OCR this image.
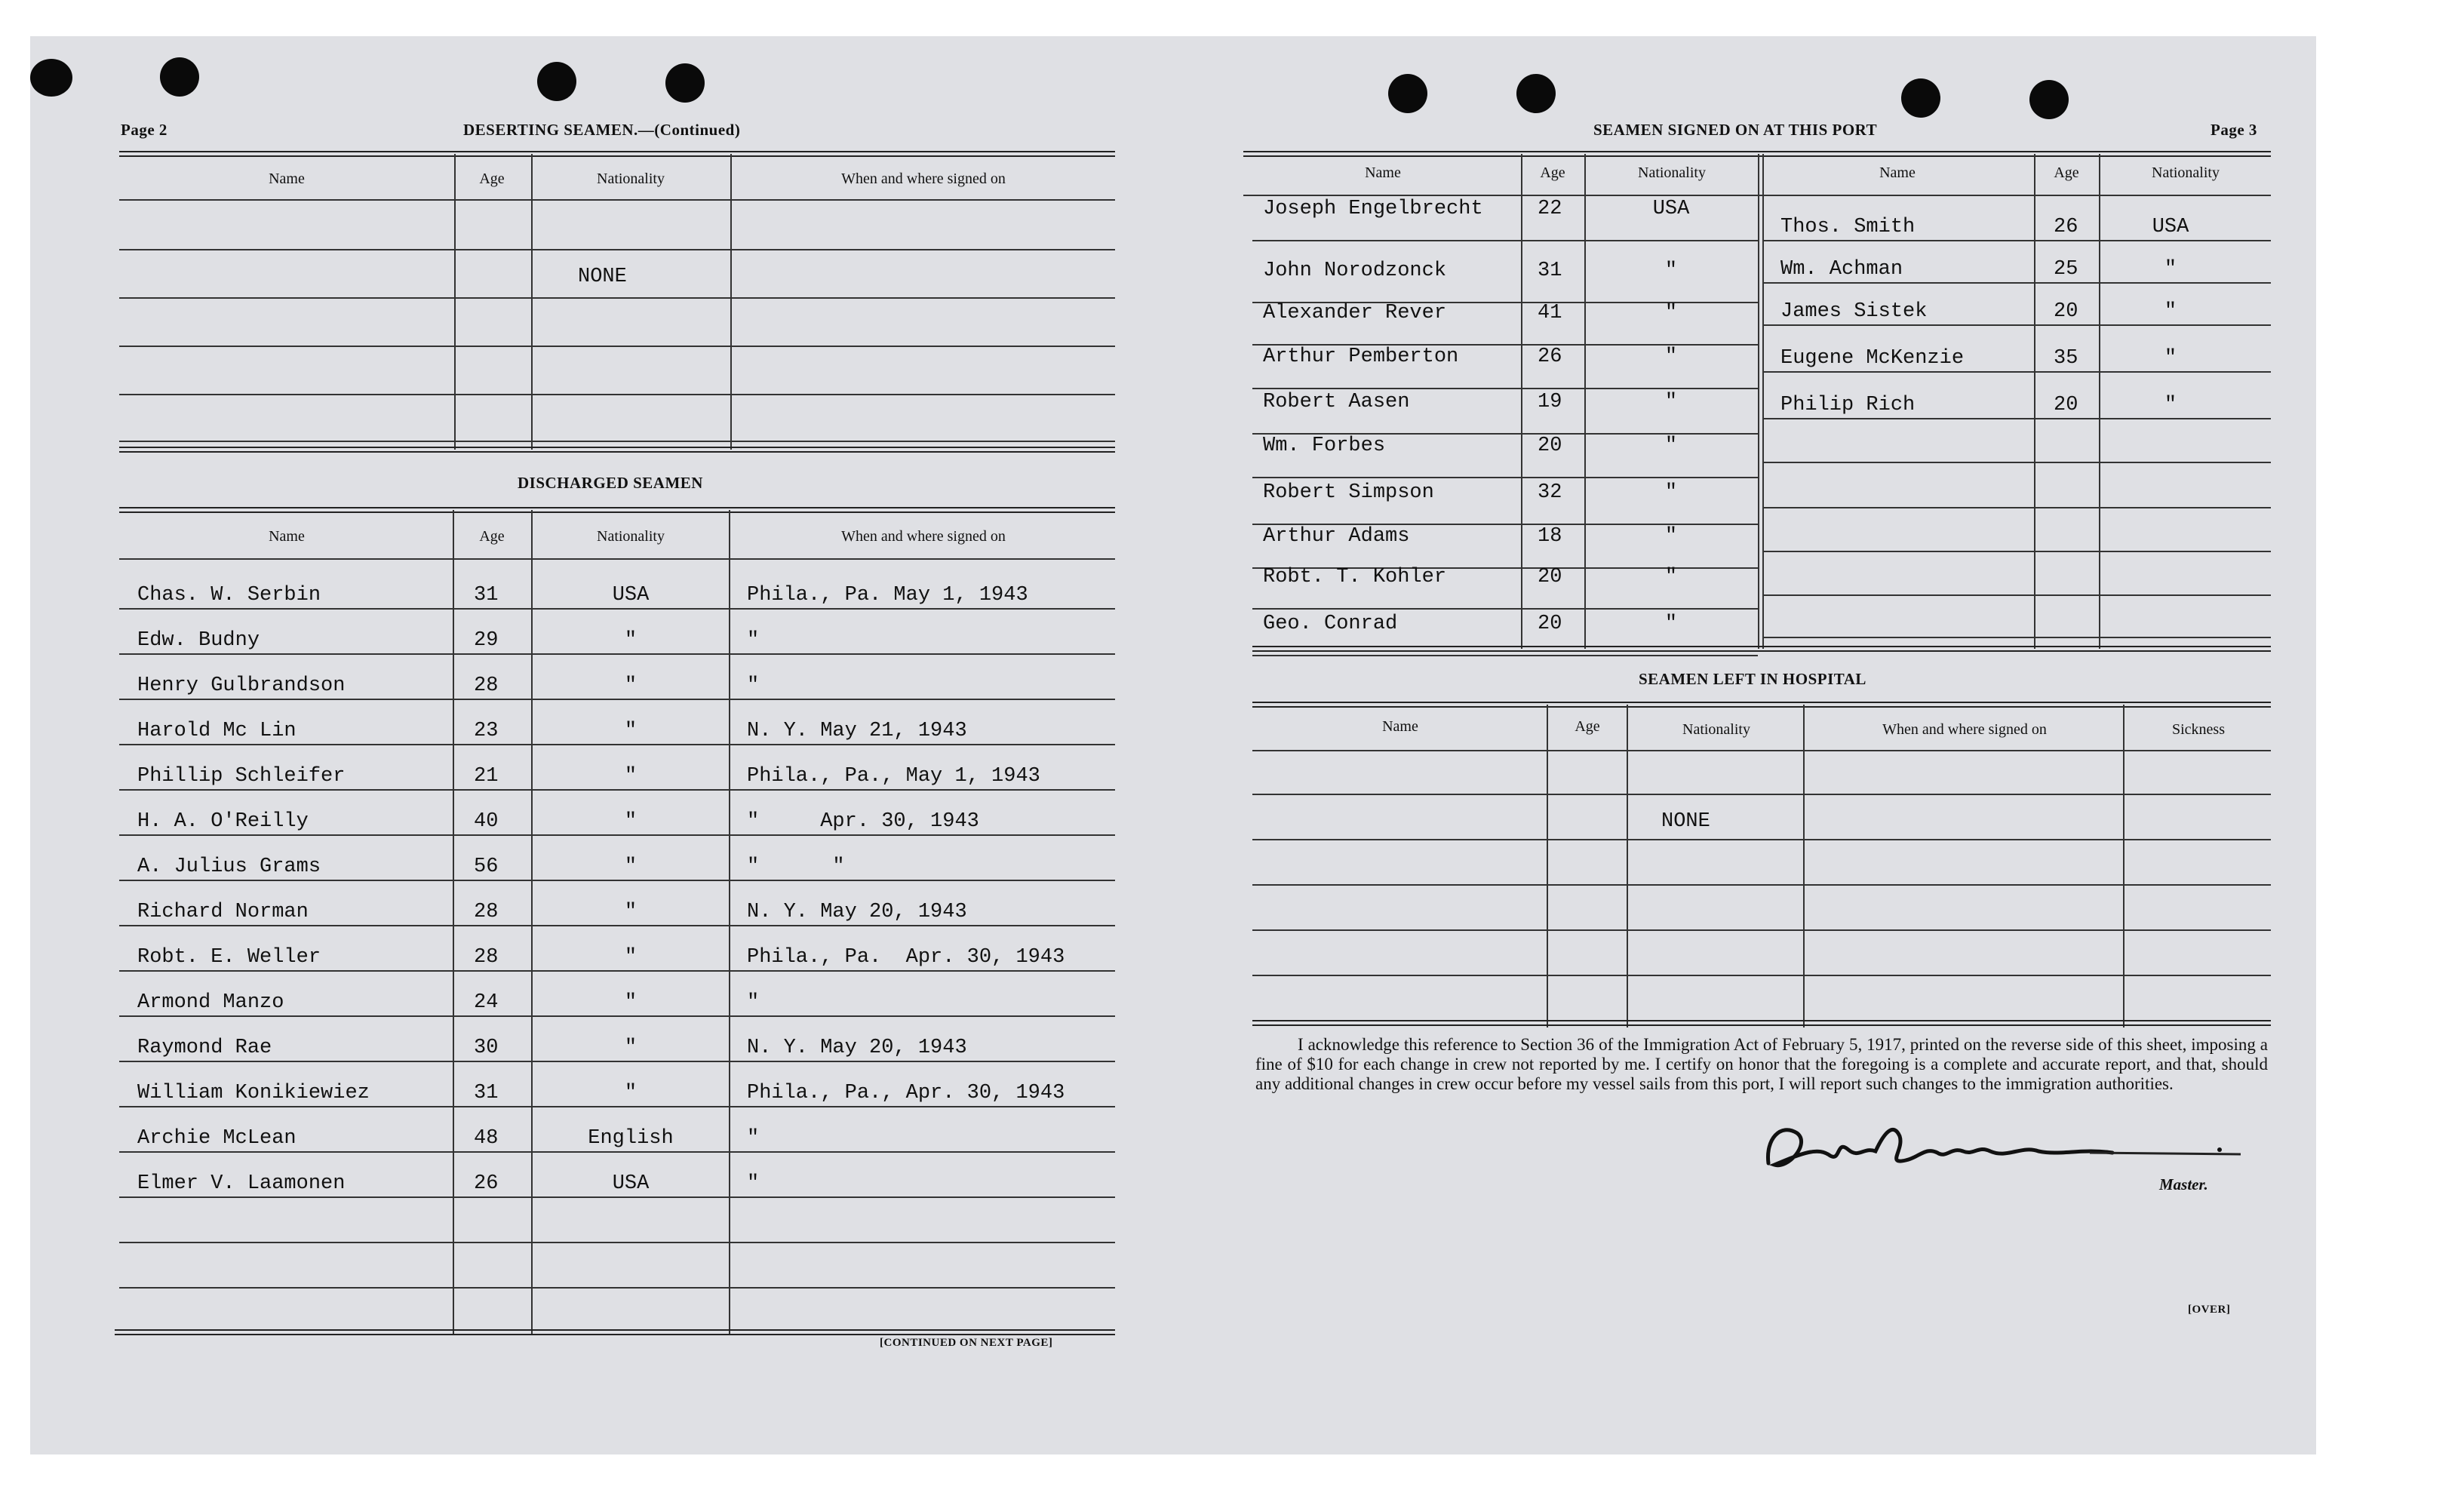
Page 2	DESERTING SEAMEN.—(Continued)
Name	Age	Nationality	When and where signed on
NONE
DISCHARGED SEAMEN
Name	Age	Nationality	When and where signed on
Chas. W. Serbin	31	USA	Phila., Pa. May 1, 1943
Edw. Budny	29	"	"
Henry Gulbrandson	28	"	"
Harold Mc Lin	23	"	N. Y. May 21, 1943
Phillip Schleifer	21	"	Phila., Pa., May 1, 1943
H. A. O'Reilly	40	"	"     Apr. 30, 1943
A. Julius Grams	56	"	"      "
Richard Norman	28	"	N. Y. May 20, 1943
Robt. E. Weller	28	"	Phila., Pa.  Apr. 30, 1943
Armond Manzo	24	"	"
Raymond Rae	30	"	N. Y. May 20, 1943
William Konikiewiez	31	"	Phila., Pa., Apr. 30, 1943
Archie McLean	48	English	"
Elmer V. Laamonen	26	USA	"
[CONTINUED ON NEXT PAGE]
SEAMEN SIGNED ON AT THIS PORT	Page 3
Name	Age	Nationality	Name	Age	Nationality
Joseph Engelbrecht	22	USA
John Norodzonck	31	"
Alexander Rever	41	"
Arthur Pemberton	26	"
Robert Aasen	19	"
Wm. Forbes	20	"
Robert Simpson	32	"
Arthur Adams	18	"
Robt. T. Kohler	20	"
Geo. Conrad	20	"
Thos. Smith	26	USA
Wm. Achman	25	"
James Sistek	20	"
Eugene McKenzie	35	"
Philip Rich	20	"
SEAMEN LEFT IN HOSPITAL
Name	Age	Nationality	When and where signed on	Sickness
NONE
I acknowledge this reference to Section 36 of the Immigration Act of February 5, 1917, printed on the reverse side of this sheet, imposing a fine of $10 for each change in crew not reported by me. I certify on honor that the foregoing is a complete and accurate report, and that, should any additional changes in crew occur before my vessel sails from this port, I will report such changes to the immigration authorities.
Master.
[OVER]
